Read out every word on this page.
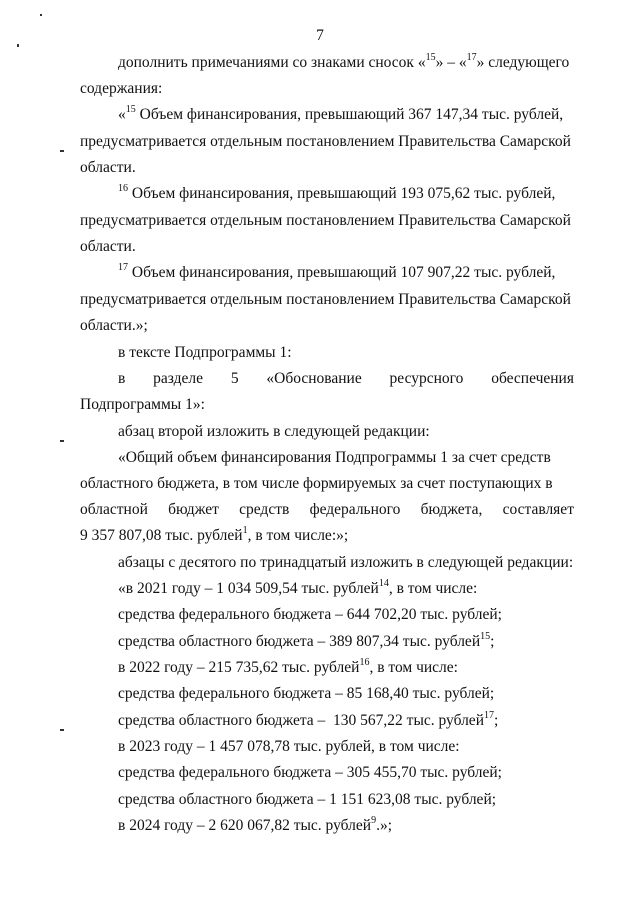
7
дополнить примечаниями со знаками сносок «$^{15}$» – «$^{17}$» следующего
содержания:
«$^{15}$ Объем финансирования, превышающий 367 147,34 тыс. рублей,
предусматривается отдельным постановлением Правительства Самарской
области.
$^{16}$ Объем финансирования, превышающий 193 075,62 тыс. рублей,
предусматривается отдельным постановлением Правительства Самарской
области.
$^{17}$ Объем финансирования, превышающий 107 907,22 тыс. рублей,
предусматривается отдельным постановлением Правительства Самарской
области.»;
в тексте Подпрограммы 1:
в разделе 5 «Обоснование ресурсного обеспечения
Подпрограммы 1»:
абзац второй изложить в следующей редакции:
«Общий объем финансирования Подпрограммы 1 за счет средств
областного бюджета, в том числе формируемых за счет поступающих в
областной бюджет средств федерального бюджета, составляет
9 357 807,08 тыс. рублей$^1$, в том числе:»;
абзацы с десятого по тринадцатый изложить в следующей редакции:
«в 2021 году – 1 034 509,54 тыс. рублей$^{14}$, в том числе:
средства федерального бюджета – 644 702,20 тыс. рублей;
средства областного бюджета – 389 807,34 тыс. рублей$^{15}$;
в 2022 году – 215 735,62 тыс. рублей$^{16}$, в том числе:
средства федерального бюджета – 85 168,40 тыс. рублей;
средства областного бюджета –  130 567,22 тыс. рублей$^{17}$;
в 2023 году – 1 457 078,78 тыс. рублей, в том числе:
средства федерального бюджета – 305 455,70 тыс. рублей;
средства областного бюджета – 1 151 623,08 тыс. рублей;
в 2024 году – 2 620 067,82 тыс. рублей$^9$.»;
